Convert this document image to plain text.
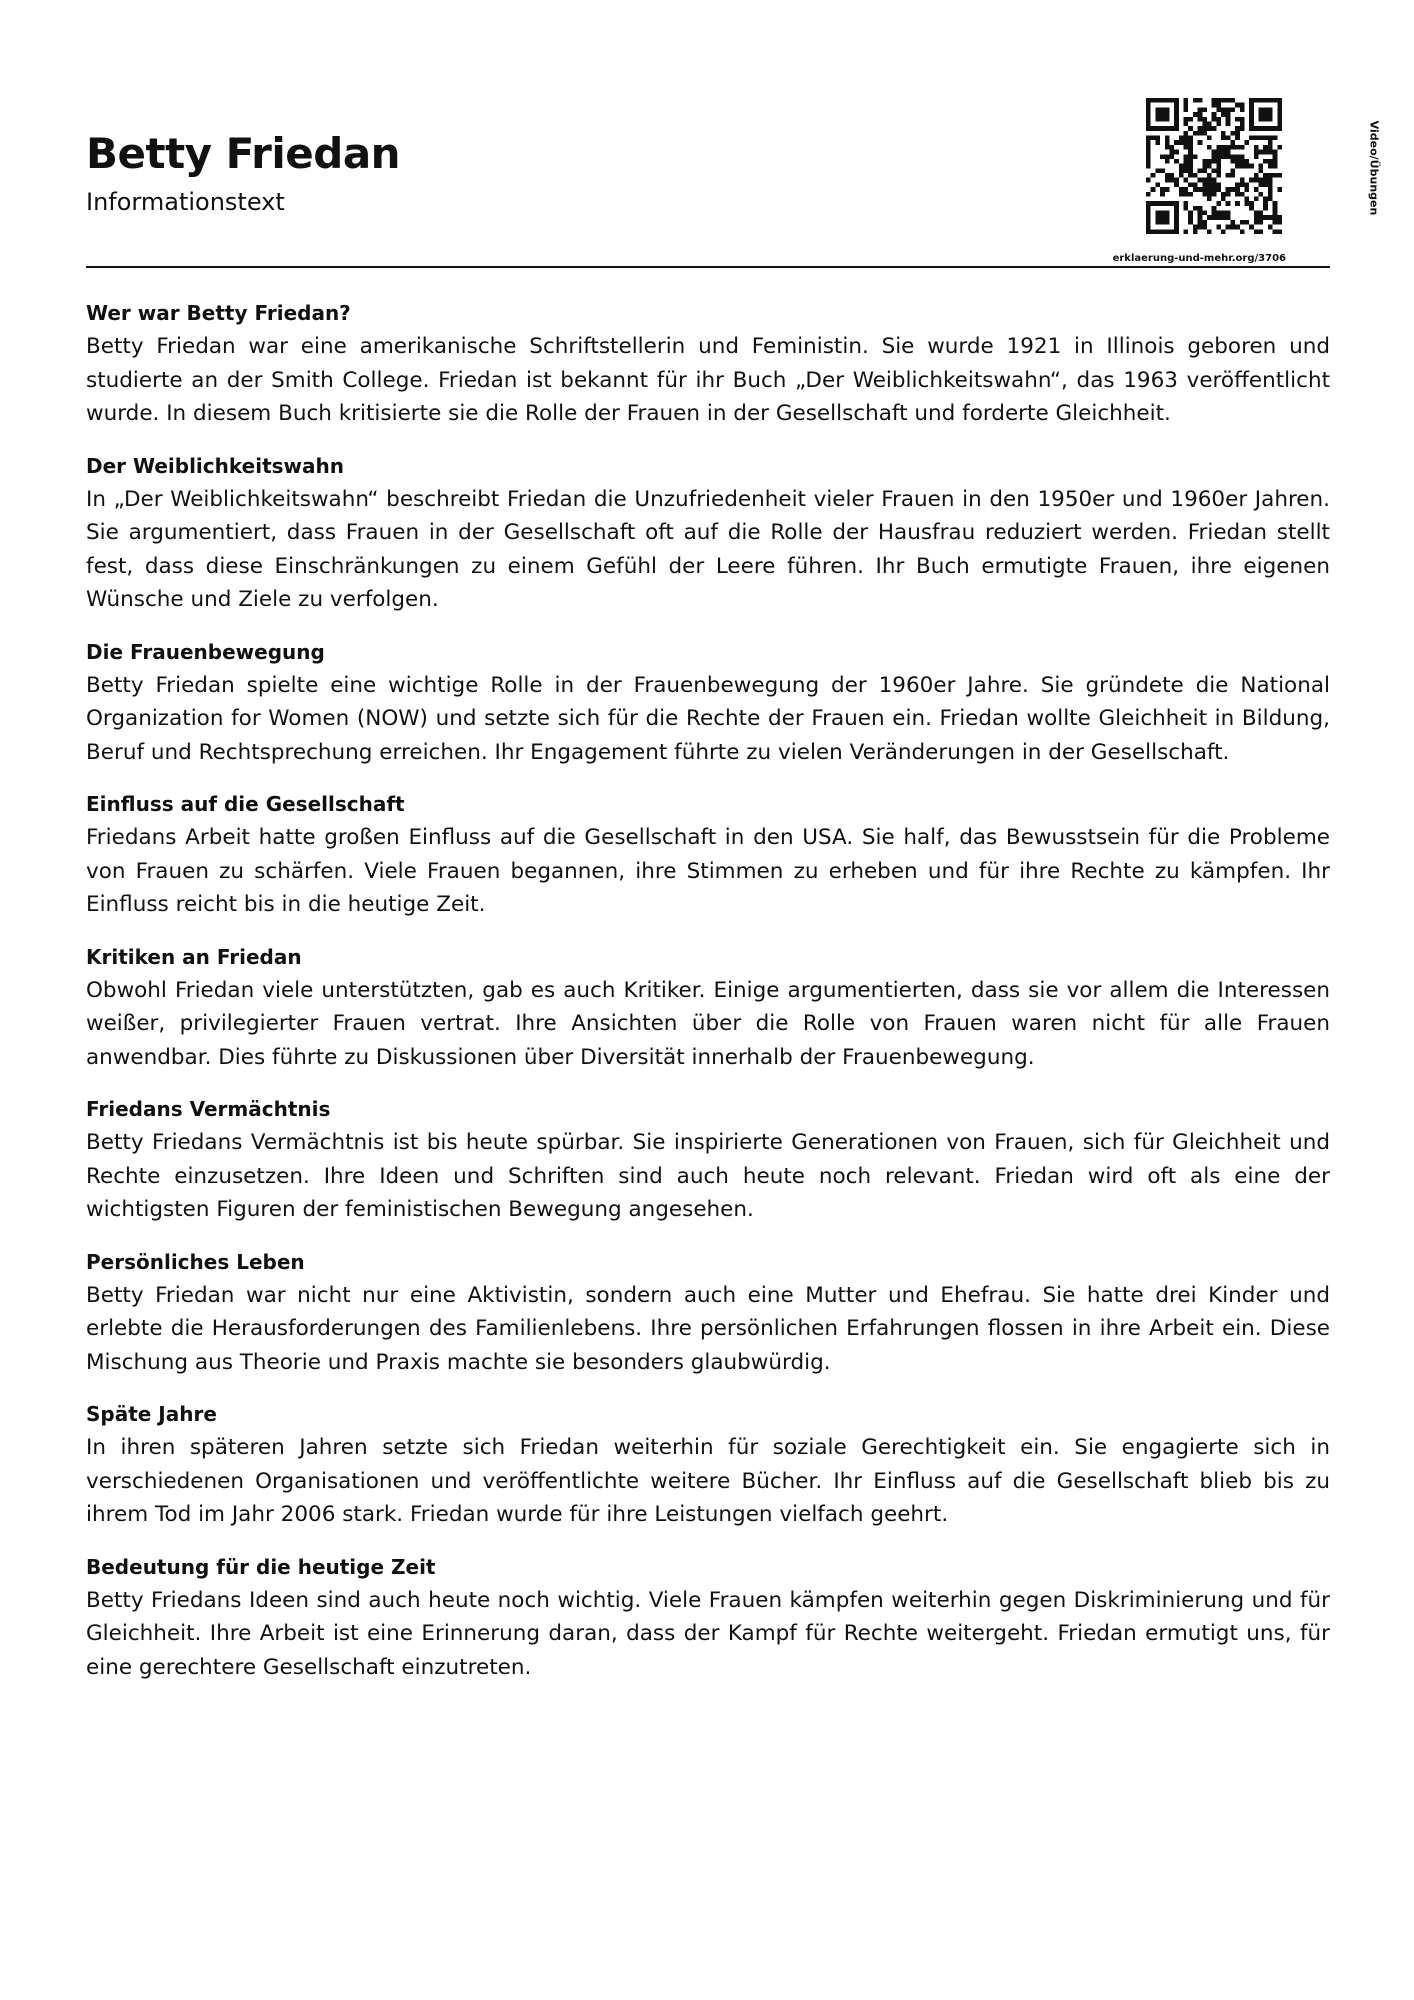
Betty Friedan
Informationstext	Video/Übungen
erklaerung-und-mehr.org/3706
Wer war Betty Friedan?

Betty Friedan war eine amerikanische Schriftstellerin und Feministin. Sie wurde 1921 in Illinois geboren und studierte an der Smith College. Friedan ist bekannt für ihr Buch „Der Weiblichkeitswahn“, das 1963 veröffentlicht wurde. In diesem Buch kritisierte sie die Rolle der Frauen in der Gesellschaft und forderte Gleichheit.

Der Weiblichkeitswahn

In „Der Weiblichkeitswahn“ beschreibt Friedan die Unzufriedenheit vieler Frauen in den 1950er und 1960er Jahren. Sie argumentiert, dass Frauen in der Gesellschaft oft auf die Rolle der Hausfrau reduziert werden. Friedan stellt fest, dass diese Einschränkungen zu einem Gefühl der Leere führen. Ihr Buch ermutigte Frauen, ihre eigenen Wünsche und Ziele zu verfolgen.

Die Frauenbewegung

Betty Friedan spielte eine wichtige Rolle in der Frauenbewegung der 1960er Jahre. Sie gründete die National Organization for Women (NOW) und setzte sich für die Rechte der Frauen ein. Friedan wollte Gleichheit in Bildung, Beruf und Rechtsprechung erreichen. Ihr Engagement führte zu vielen Veränderungen in der Gesellschaft.

Einfluss auf die Gesellschaft

Friedans Arbeit hatte großen Einfluss auf die Gesellschaft in den USA. Sie half, das Bewusstsein für die Probleme von Frauen zu schärfen. Viele Frauen begannen, ihre Stimmen zu erheben und für ihre Rechte zu kämpfen. Ihr Einfluss reicht bis in die heutige Zeit.

Kritiken an Friedan

Obwohl Friedan viele unterstützten, gab es auch Kritiker. Einige argumentierten, dass sie vor allem die Interessen weißer, privilegierter Frauen vertrat. Ihre Ansichten über die Rolle von Frauen waren nicht für alle Frauen anwendbar. Dies führte zu Diskussionen über Diversität innerhalb der Frauenbewegung.

Friedans Vermächtnis

Betty Friedans Vermächtnis ist bis heute spürbar. Sie inspirierte Generationen von Frauen, sich für Gleichheit und Rechte einzusetzen. Ihre Ideen und Schriften sind auch heute noch relevant. Friedan wird oft als eine der wichtigsten Figuren der feministischen Bewegung angesehen.

Persönliches Leben

Betty Friedan war nicht nur eine Aktivistin, sondern auch eine Mutter und Ehefrau. Sie hatte drei Kinder und erlebte die Herausforderungen des Familienlebens. Ihre persönlichen Erfahrungen flossen in ihre Arbeit ein. Diese Mischung aus Theorie und Praxis machte sie besonders glaubwürdig.

Späte Jahre

In ihren späteren Jahren setzte sich Friedan weiterhin für soziale Gerechtigkeit ein. Sie engagierte sich in verschiedenen Organisationen und veröffentlichte weitere Bücher. Ihr Einfluss auf die Gesellschaft blieb bis zu ihrem Tod im Jahr 2006 stark. Friedan wurde für ihre Leistungen vielfach geehrt.

Bedeutung für die heutige Zeit

Betty Friedans Ideen sind auch heute noch wichtig. Viele Frauen kämpfen weiterhin gegen Diskriminierung und für Gleichheit. Ihre Arbeit ist eine Erinnerung daran, dass der Kampf für Rechte weitergeht. Friedan ermutigt uns, für eine gerechtere Gesellschaft einzutreten.
